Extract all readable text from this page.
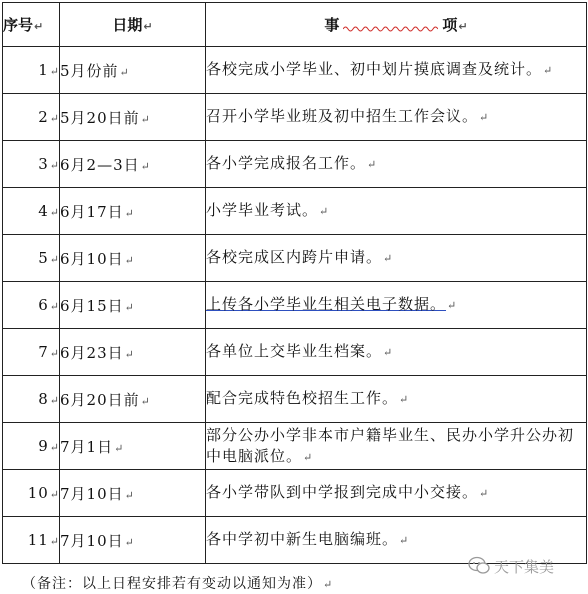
序号↵	日期↵	事 项↵
1↵	5月份前↵	各校完成小学毕业、初中划片摸底调查及统计。↵
2↵	5月20日前↵	召开小学毕业班及初中招生工作会议。↵
3↵	6月2—3日↵	各小学完成报名工作。↵
4↵	6月17日↵	小学毕业考试。↵
5↵	6月10日↵	各校完成区内跨片申请。↵
6↵	6月15日↵	上传各小学毕业生相关电子数据。↵
7↵	6月23日↵	各单位上交毕业生档案。↵
8↵	6月20日前↵	配合完成特色校招生工作。↵
9↵	7月1日↵	部分公办小学非本市户籍毕业生、民办小学升公办初中电脑派位。↵
10↵	7月10日↵	各小学带队到中学报到完成中小交接。↵
11↵	7月10日↵	各中学初中新生电脑编班。↵
（备注：以上日程安排若有变动以通知为准）↵
天下集美
